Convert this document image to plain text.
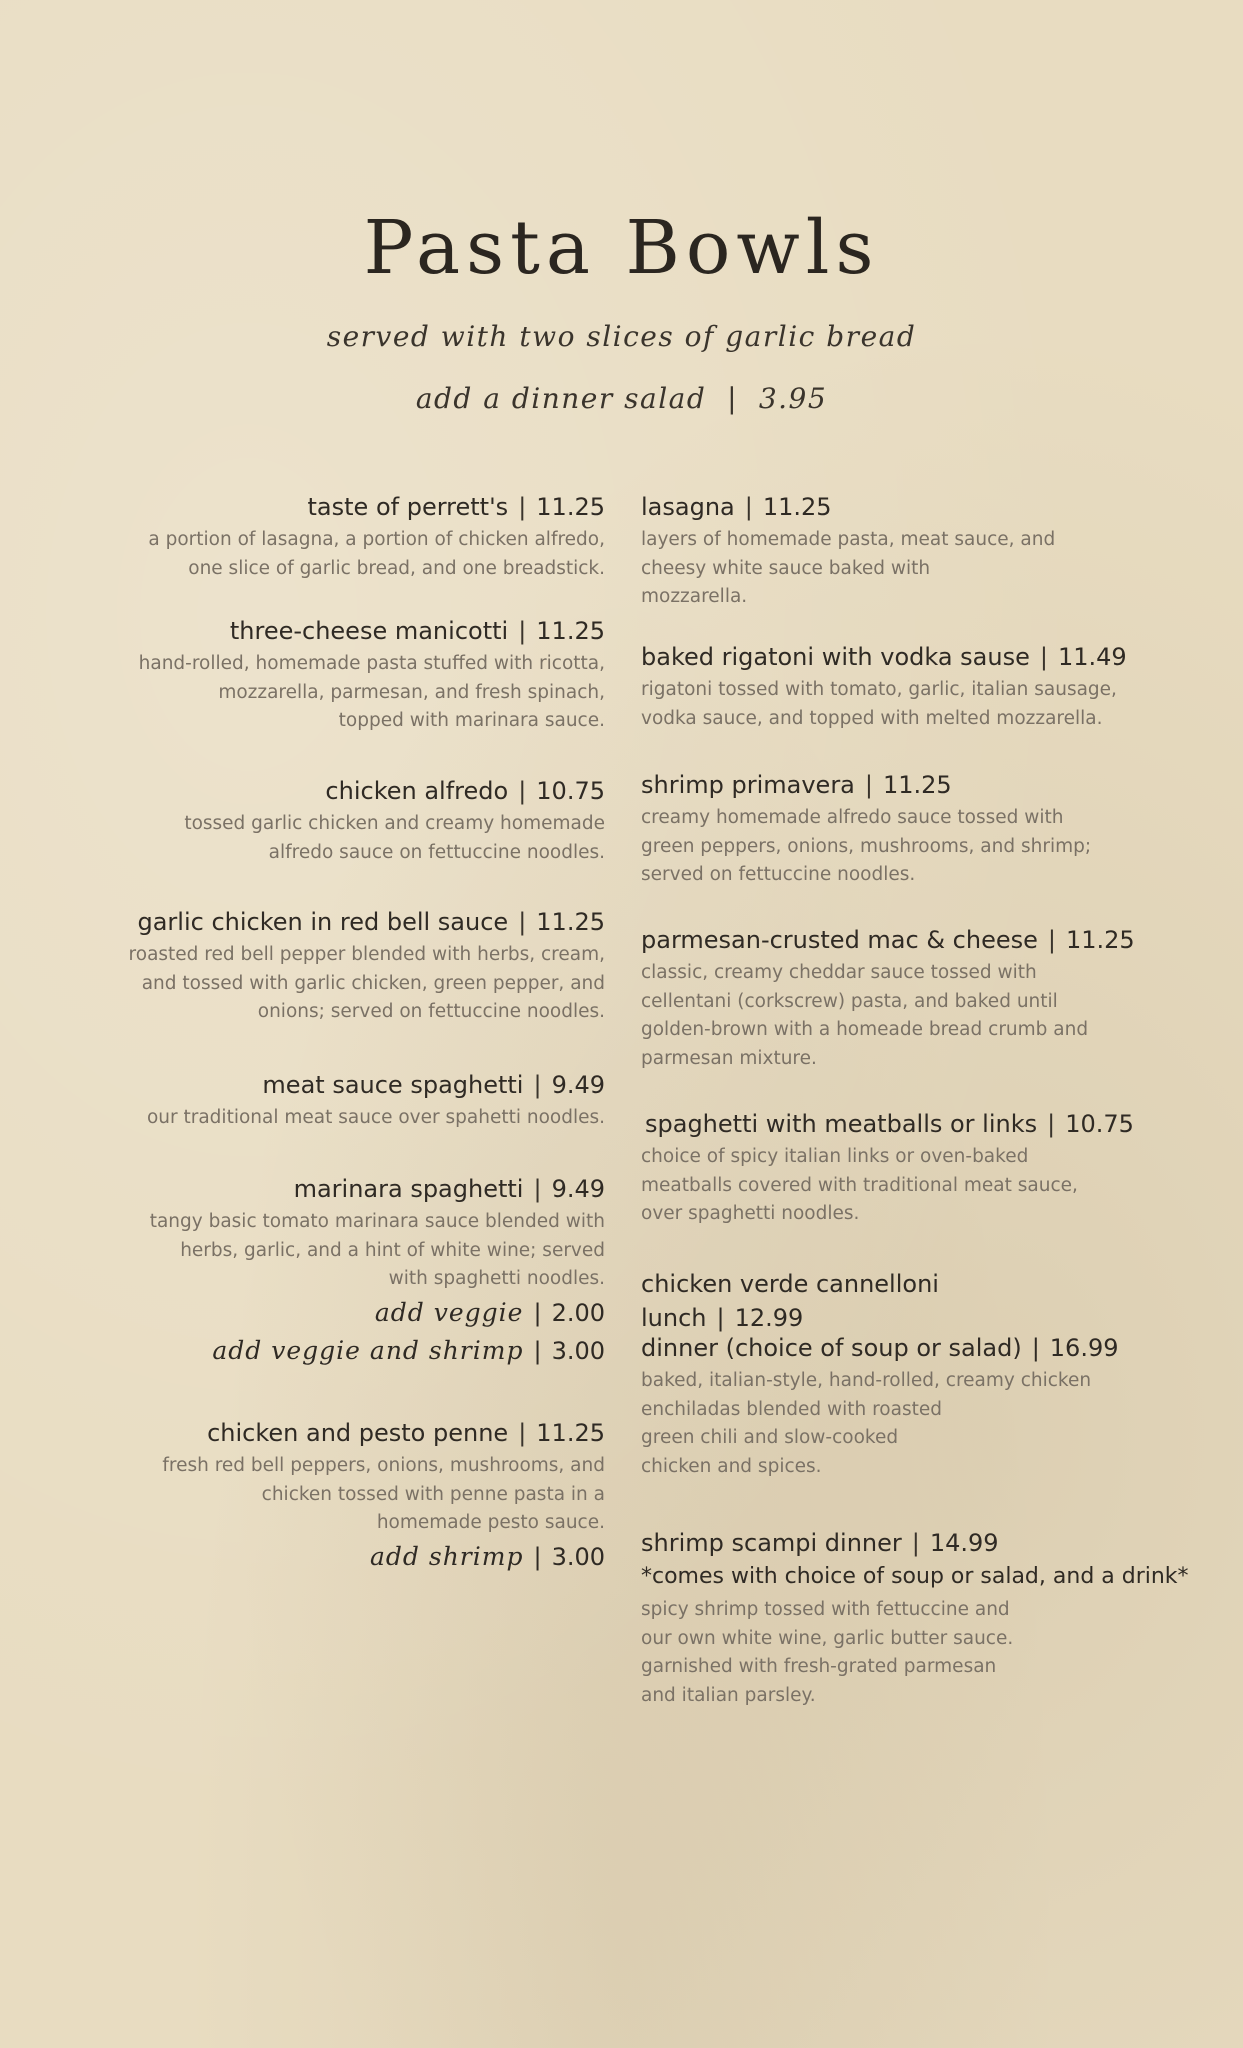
Pasta Bowls
served with two slices of garlic bread
add a dinner salad  |  3.95
taste of perrett's | 11.25
a portion of lasagna, a portion of chicken alfredo,
one slice of garlic bread, and one breadstick.
three-cheese manicotti | 11.25
hand-rolled, homemade pasta stuffed with ricotta,
mozzarella, parmesan, and fresh spinach,
topped with marinara sauce.
chicken alfredo | 10.75
tossed garlic chicken and creamy homemade
alfredo sauce on fettuccine noodles.
garlic chicken in red bell sauce | 11.25
roasted red bell pepper blended with herbs, cream,
and tossed with garlic chicken, green pepper, and
onions; served on fettuccine noodles.
meat sauce spaghetti | 9.49
our traditional meat sauce over spahetti noodles.
marinara spaghetti | 9.49
tangy basic tomato marinara sauce blended with
herbs, garlic, and a hint of white wine; served
with spaghetti noodles.
add veggie | 2.00
add veggie and shrimp | 3.00
chicken and pesto penne | 11.25
fresh red bell peppers, onions, mushrooms, and
chicken tossed with penne pasta in a
homemade pesto sauce.
add shrimp | 3.00
lasagna | 11.25
layers of homemade pasta, meat sauce, and
cheesy white sauce baked with
mozzarella.
baked rigatoni with vodka sause | 11.49
rigatoni tossed with tomato, garlic, italian sausage,
vodka sauce, and topped with melted mozzarella.
shrimp primavera | 11.25
creamy homemade alfredo sauce tossed with
green peppers, onions, mushrooms, and shrimp;
served on fettuccine noodles.
parmesan-crusted mac & cheese | 11.25
classic, creamy cheddar sauce tossed with
cellentani (corkscrew) pasta, and baked until
golden-brown with a homeade bread crumb and
parmesan mixture.
spaghetti with meatballs or links | 10.75
choice of spicy italian links or oven-baked
meatballs covered with traditional meat sauce,
over spaghetti noodles.
chicken verde cannelloni
lunch | 12.99
dinner (choice of soup or salad) | 16.99
baked, italian-style, hand-rolled, creamy chicken
enchiladas blended with roasted
green chili and slow-cooked
chicken and spices.
shrimp scampi dinner | 14.99
*comes with choice of soup or salad, and a drink*
spicy shrimp tossed with fettuccine and
our own white wine, garlic butter sauce.
garnished with fresh-grated parmesan
and italian parsley.
